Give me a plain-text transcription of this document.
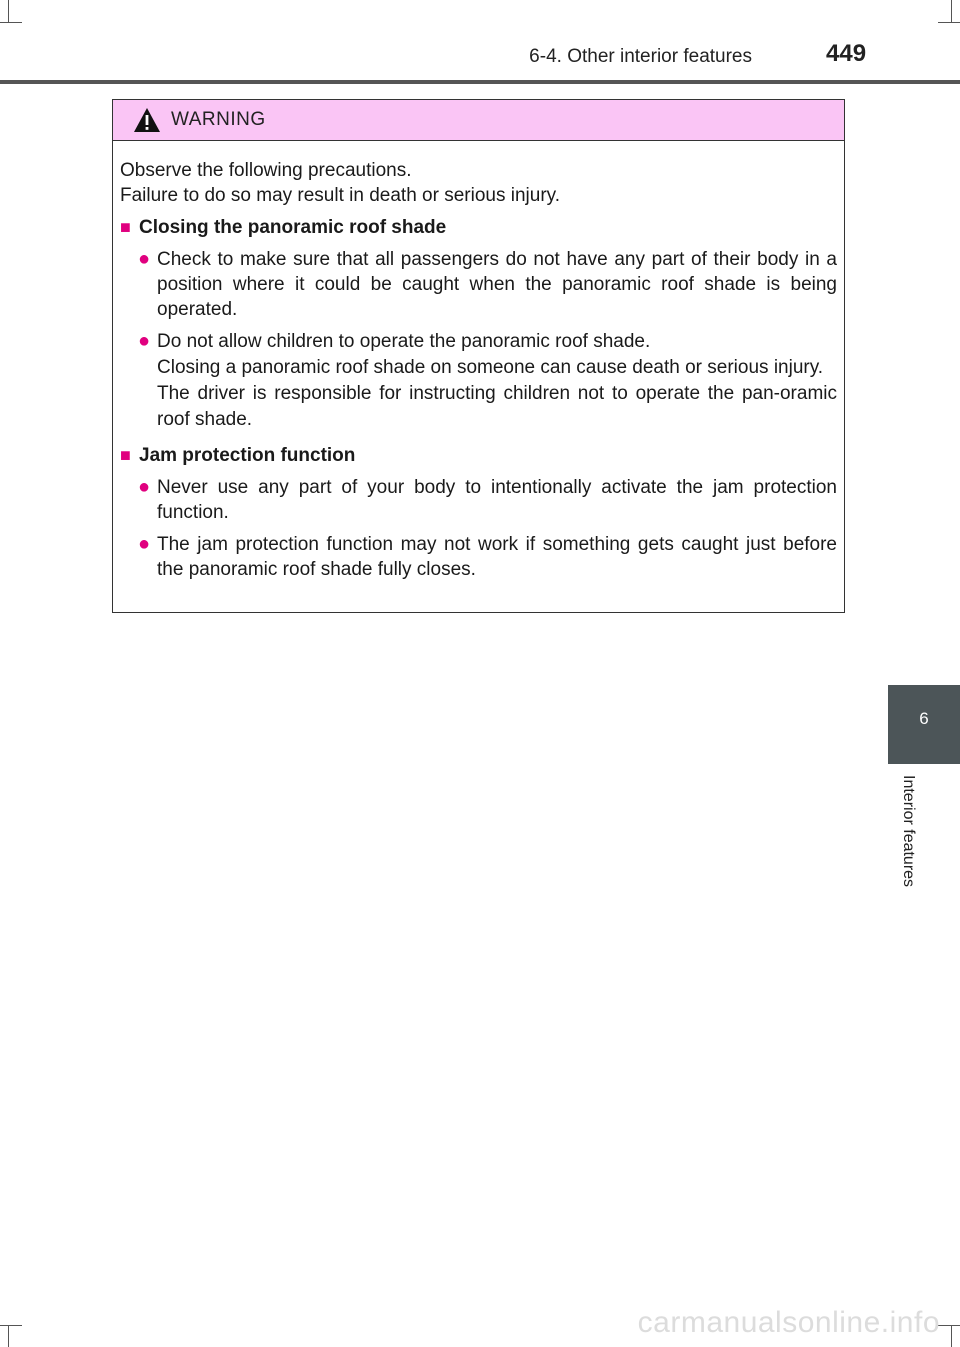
6-4. Other interior features	449
WARNING

Observe the following precautions.

Failure to do so may result in death or serious injury.

■ Closing the panoramic roof shade
● Check to make sure that all passengers do not have any part of their body in a position where it could be caught when the panoramic roof shade is being operated.

● Do not allow children to operate the panoramic roof shade.

Closing a panoramic roof shade on someone can cause death or serious injury.

The driver is responsible for instructing children not to operate the pan-oramic roof shade.

■ Jam protection function
● Never use any part of your body to intentionally activate the jam protection function.

● The jam protection function may not work if something gets caught just before the panoramic roof shade fully closes.

6
Interior features
carmanualsonline.info
